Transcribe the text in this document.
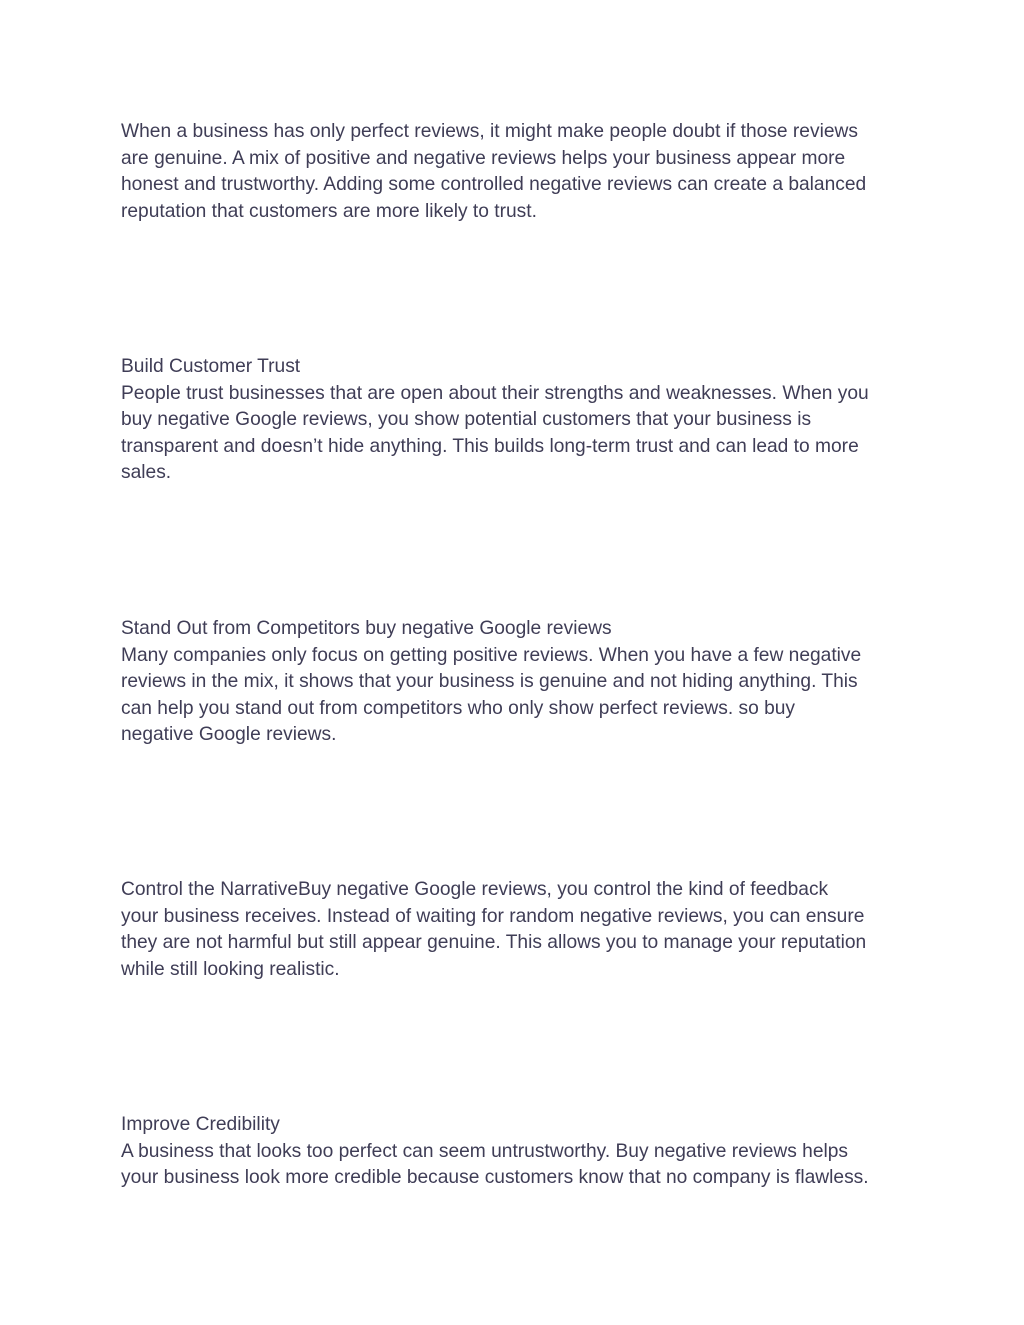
When a business has only perfect reviews, it might make people doubt if those reviews
are genuine. A mix of positive and negative reviews helps your business appear more
honest and trustworthy. Adding some controlled negative reviews can create a balanced
reputation that customers are more likely to trust.
Build Customer Trust
People trust businesses that are open about their strengths and weaknesses. When you
buy negative Google reviews, you show potential customers that your business is
transparent and doesn’t hide anything. This builds long-term trust and can lead to more
sales.
Stand Out from Competitors buy negative Google reviews
Many companies only focus on getting positive reviews. When you have a few negative
reviews in the mix, it shows that your business is genuine and not hiding anything. This
can help you stand out from competitors who only show perfect reviews. so buy
negative Google reviews.
Control the NarrativeBuy negative Google reviews, you control the kind of feedback
your business receives. Instead of waiting for random negative reviews, you can ensure
they are not harmful but still appear genuine. This allows you to manage your reputation
while still looking realistic.
Improve Credibility
A business that looks too perfect can seem untrustworthy. Buy negative reviews helps
your business look more credible because customers know that no company is flawless.
